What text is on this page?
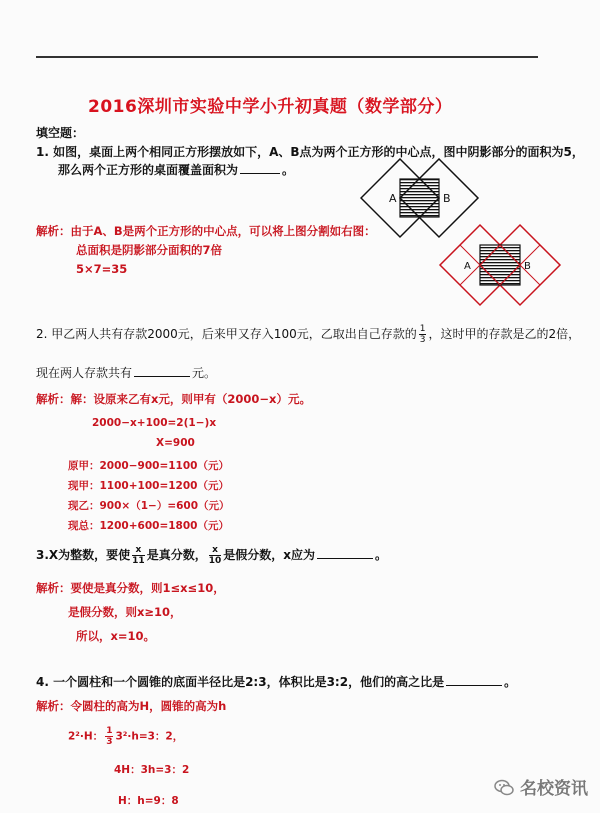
2016深圳市实验中学小升初真题（数学部分）
填空题：
1. 如图，桌面上两个相同正方形摆放如下，A、B点为两个正方形的中心点，图中阴影部分的面积为5，
那么两个正方形的桌面覆盖面积为	。
A	B
解析：由于A、B是两个正方形的中心点，可以将上图分割如右图：
总面积是阴影部分面积的7倍
5×7=35	A	B
2. 甲乙两人共有存款2000元，后来甲又存入100元，乙取出自己存款的 $\frac{1}{3}$ ，这时甲的存款是乙的2倍，
现在两人存款共有	元。
解析：解：设原来乙有x元，则甲有（2000−x）元。
2000−x+100=2(1−)x
X=900
原甲：2000−900=1100（元）
现甲：1100+100=1200（元）
现乙：900×（1−）=600（元）
现总：1200+600=1800（元）
3.X为整数，要使 $\frac{x}{11}$ 是真分数， $\frac{x}{10}$ 是假分数，x应为	。
解析：要使是真分数，则1≤x≤10，
是假分数，则x≥10，
所以，x=10。
4. 一个圆柱和一个圆锥的底面半径比是2:3，体积比是3:2，他们的高之比是	。
解析：令圆柱的高为H，圆锥的高为h
2²·H： $\frac{1}{3} 3^2\cdot h=3$：2，
4H：3h=3：2
H：h=9：8
名校资讯
